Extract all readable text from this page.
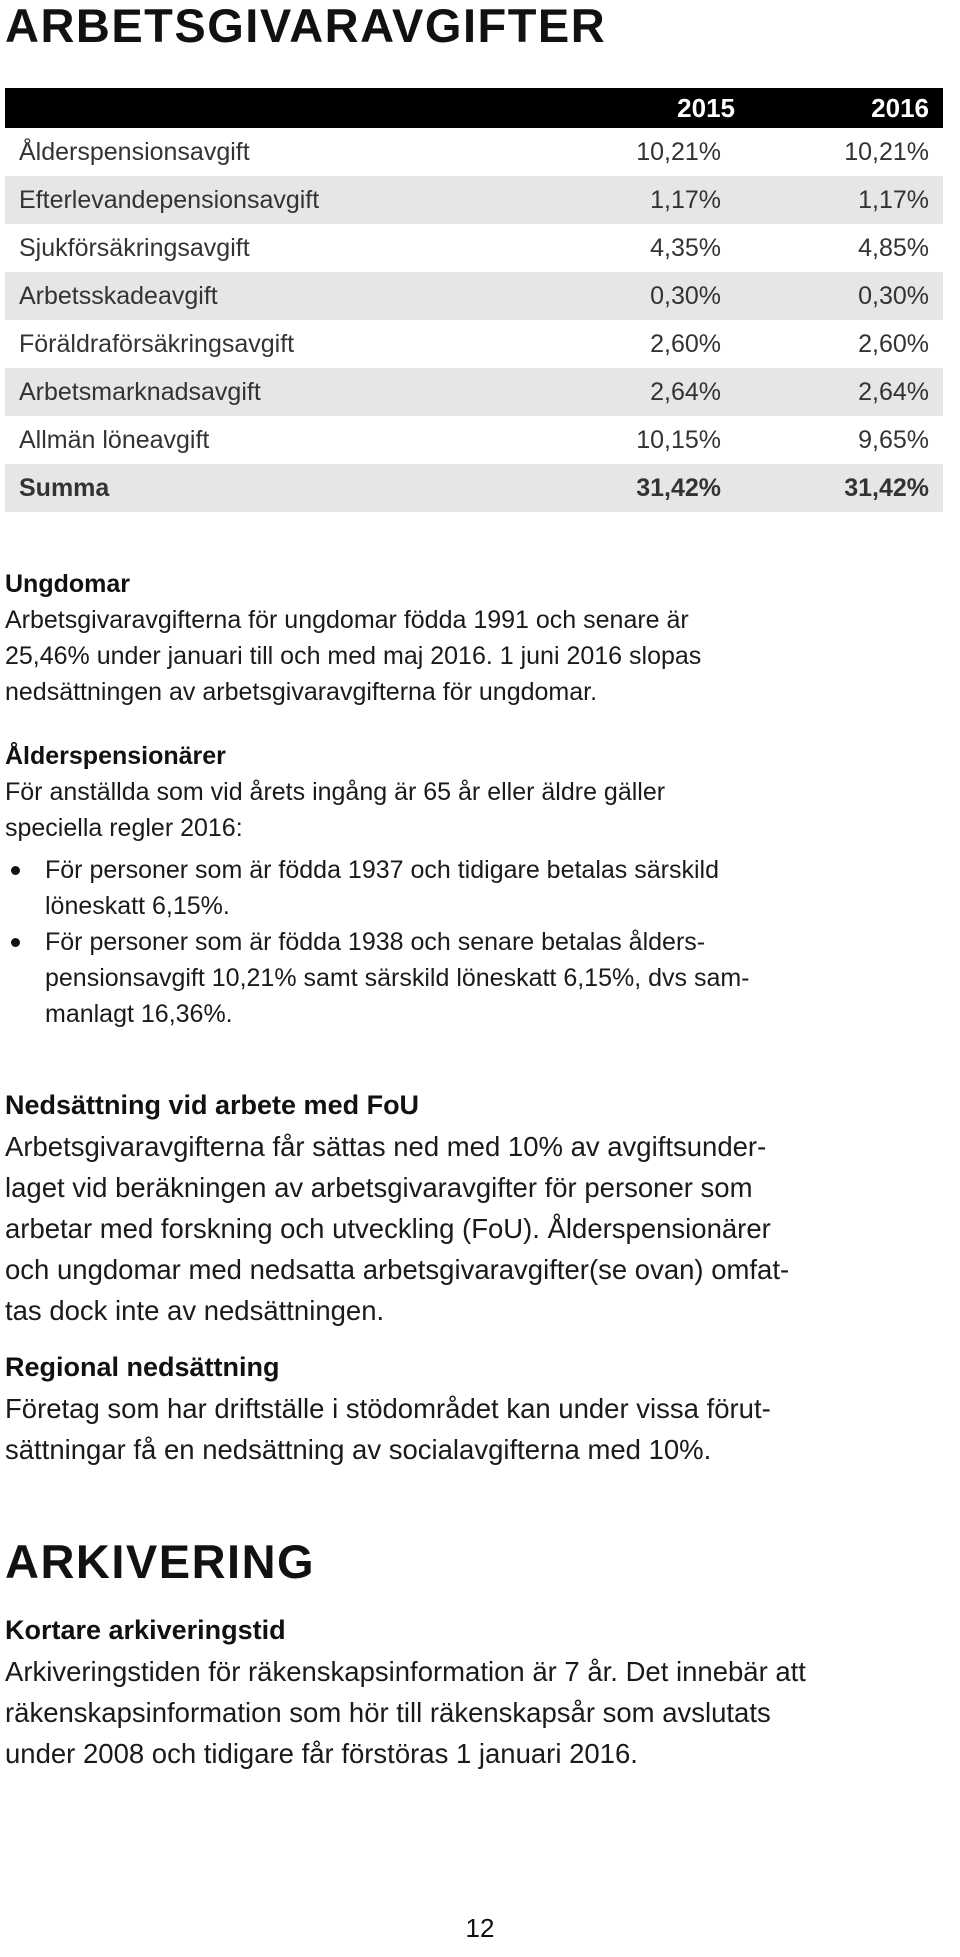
ARBETSGIVARAVGIFTER
	2015	2016
Ålderspensionsavgift	10,21%	10,21%
Efterlevandepensionsavgift	1,17%	1,17%
Sjukförsäkringsavgift	4,35%	4,85%
Arbetsskadeavgift	0,30%	0,30%
Föräldraförsäkringsavgift	2,60%	2,60%
Arbetsmarknadsavgift	2,64%	2,64%
Allmän löneavgift	10,15%	9,65%
Summa	31,42%	31,42%
Ungdomar

Arbetsgivaravgifterna för ungdomar födda 1991 och senare är

25,46% under januari till och med maj 2016. 1 juni 2016 slopas

nedsättningen av arbetsgivaravgifterna för ungdomar.

Ålderspensionärer

För anställda som vid årets ingång är 65 år eller äldre gäller

speciella regler 2016:

För personer som är födda 1937 och tidigare betalas särskild
löneskatt 6,15%.
För personer som är födda 1938 och senare betalas ålders-
pensionsavgift 10,21% samt särskild löneskatt 6,15%, dvs sam-
manlagt 16,36%.
Nedsättning vid arbete med FoU

Arbetsgivaravgifterna får sättas ned med 10% av avgiftsunder-

laget vid beräkningen av arbetsgivaravgifter för personer som

arbetar med forskning och utveckling (FoU). Ålderspensionärer

och ungdomar med nedsatta arbetsgivaravgifter(se ovan) omfat-

tas dock inte av nedsättningen.

Regional nedsättning

Företag som har driftställe i stödområdet kan under vissa förut-

sättningar få en nedsättning av socialavgifterna med 10%.

ARKIVERING
Kortare arkiveringstid

Arkiveringstiden för räkenskapsinformation är 7 år. Det innebär att

räkenskapsinformation som hör till räkenskapsår som avslutats

under 2008 och tidigare får förstöras 1 januari 2016.

12
